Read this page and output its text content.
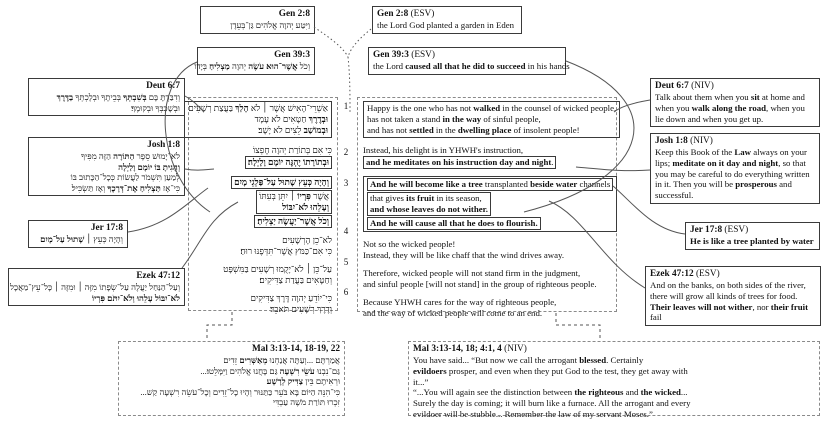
Gen 2:8
וַיִּטַּע יְהוָה אֱלֹהִים גַּן־בְּעֵדֶן
Gen 2:8 (ESV)
the Lord God planted a garden in Eden
Gen 39:3
וְכֹל אֲשֶׁר־הוּא עֹשֶׂה יְהוָה מַצְלִיחַ בְּיָדוֹ
Gen 39:3 (ESV)
the Lord caused all that he did to succeed in his hands
Deut 6:7
וְדִבַּרְתָּ בָּם בְּשִׁבְתְּךָ בְּבֵיתֶךָ וּבְלֶכְתְּךָ בַדֶּרֶךְ
וּבְשָׁכְבְּךָ וּבְקוּמֶךָ׃
Josh 1:8
לֹא־יָמוּשׁ סֵפֶר הַתּוֹרָה הַזֶּה מִפִּיךָ
וְהָגִיתָ בּוֹ יוֹמָם וָלַיְלָה
לְמַעַן תִּשְׁמֹר לַעֲשׂוֹת כְּכָל־הַכָּתוּב בּוֹ
כִּי־אָז תַּצְלִיחַ אֶת־דְּרָכֶךָ וְאָז תַּשְׂכִּיל׃
Jer 17:8
וְהָיָה כְּעֵץ ׀ שָׁתוּל עַל־מָיִם
Ezek 47:12
וְעַל־הַנַּחַל יַעֲלֶה עַל־שְׂפָתוֹ מִזֶּה ׀ וּמִזֶּה ׀ כָּל־עֵץ־מַאֲכָל
לֹא־יִבּוֹל עָלֵהוּ וְלֹא־יִתֹּם פִּרְיוֹ
Deut 6:7 (NIV)
Talk about them when you sit at home and when you walk along the road, when you lie down and when you get up.
Josh 1:8 (NIV)
Keep this Book of the Law always on your lips; meditate on it day and night, so that you may be careful to do everything written in it. Then you will be prosperous and successful.
Jer 17:8 (ESV)
He is like a tree planted by water
Ezek 47:12 (ESV)
And on the banks, on both sides of the river, there will grow all kinds of trees for food. Their leaves will not wither, nor their fruit fail
1
2
3
4
5
6
אַשְׁרֵי־הָאִישׁ אֲשֶׁר ׀ לֹא הָלַךְ בַּעֲצַת רְשָׁעִים
וּבְדֶרֶךְ חַטָּאִים לֹא עָמָד
וּבְמוֹשַׁב לֵצִים לֹא יָשָׁב׃
כִּי אִם בְּתוֹרַת יְהוָה חֶפְצוֹ
וּבְתוֹרָתוֹ יֶהְגֶּה יוֹמָם וָלָיְלָה׃
וְהָיָה כְּעֵץ שָׁתוּל עַל־פַּלְגֵי מָיִם
אֲשֶׁר פִּרְיוֹ ׀ יִתֵּן בְּעִתּוֹ
וְעָלֵהוּ לֹא־יִבּוֹל
וְכֹל אֲשֶׁר־יַעֲשֶׂה יַצְלִיחַ׃
לֹא־כֵן הָרְשָׁעִים
כִּי אִם־כַּמֹּץ אֲשֶׁר־תִּדְּפֶנּוּ רוּחַ׃
עַל־כֵּן ׀ לֹא־יָקֻמוּ רְשָׁעִים בַּמִּשְׁפָּט
וְחַטָּאִים בַּעֲדַת צַדִּיקִים׃
כִּי־יוֹדֵעַ יְהוָה דֶּרֶךְ צַדִּיקִים
וְדֶרֶךְ רְשָׁעִים תֹּאבֵד׃
Happy is the one who has not walked in the counsel of wicked people,
has not taken a stand in the way of sinful people,
and has not settled in the dwelling place of insolent people!
Instead, his delight is in YHWH's instruction,
and he meditates on his instruction day and night.
And he will become like a tree transplanted beside water channels
that gives its fruit in its season,
and whose leaves do not wither.
And he will cause all that he does to flourish.
Not so the wicked people!
Instead, they will be like chaff that the wind drives away.
Therefore, wicked people will not stand firm in the judgment,
and sinful people [will not stand] in the group of righteous people.
Because YHWH cares for the way of righteous people,
and the way of wicked people will come to an end.
Mal 3:13-14, 18-19, 22
אֲמַרְתֶּם ...וְעַתָּה אֲנַחְנוּ מְאַשְּׁרִים זֵדִים
גַּם־נִבְנוּ עֹשֵׂי רִשְׁעָה גַּם בָּחֲנוּ אֱלֹהִים וַיִּמָּלֵטוּ׃...
וּרְאִיתֶם בֵּין צַדִּיק לְרָשָׁע
כִּי־הִנֵּה הַיּוֹם בָּא בֹּעֵר כַּתַּנּוּר וְהָיוּ כָל־זֵדִים וְכָל־עֹשֵׂה רִשְׁעָה קַשׁ...
זִכְרוּ תּוֹרַת מֹשֶׁה עַבְדִּי
Mal 3:13-14, 18; 4:1, 4 (NIV)
You have said... “But now we call the arrogant blessed. Certainly
evildoers prosper, and even when they put God to the test, they get away with
it...”
“...You will again see the distinction between the righteous and the wicked...
Surely the day is coming; it will burn like a furnace. All the arrogant and every
evildoer will be stubble... Remember the law of my servant Moses.”
